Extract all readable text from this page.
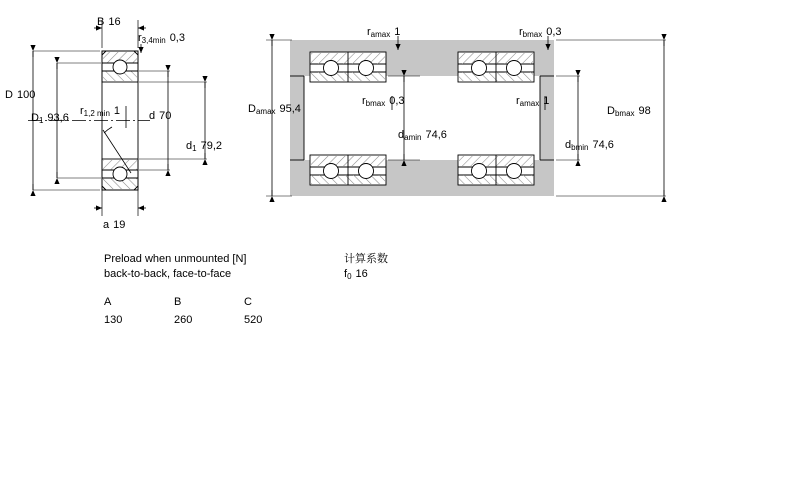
B 16
$r_{3,4min}$ 0,3
D 100
$r_{1,2 min}$ 1
$D_1$ 93,6	d 70
$d_1$ 79,2
a 19
$r_{amax}$ 1	$r_{bmax}$ 0,3
$D_{amax}$ 95,4
$r_{bmax}$ 0,3	$r_{amax}$ 1
$D_{bmax}$ 98
$d_{amin}$ 74,6
$d_{bmin}$ 74,6
Preload when unmounted [N]
back-to-back, face-to-face
A	B	C
130	260	520
计算系数
$f_0$ 16
